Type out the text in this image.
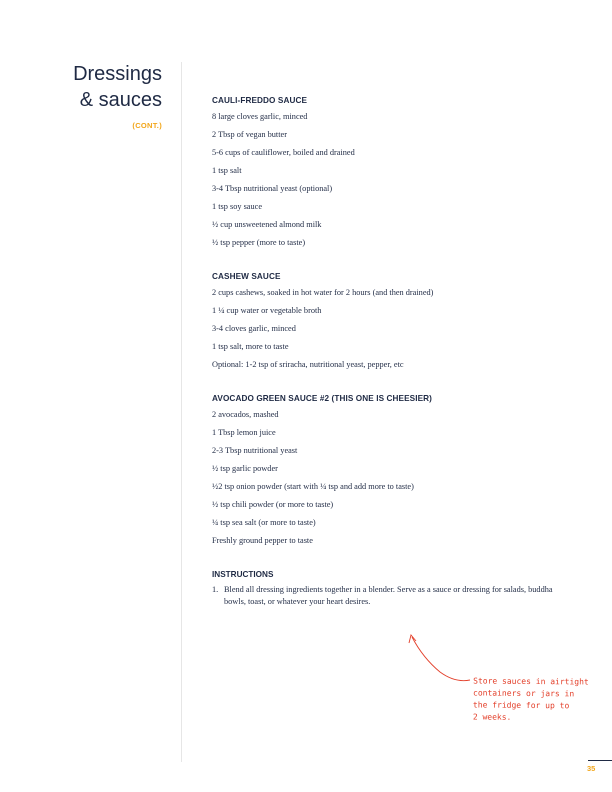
Dressings
& sauces
(CONT.)
CAULI-FREDDO SAUCE
8 large cloves garlic, minced
2 Tbsp of vegan butter
5-6 cups of cauliflower, boiled and drained
1 tsp salt
3-4 Tbsp nutritional yeast (optional)
1 tsp soy sauce
½ cup unsweetened almond milk
½ tsp pepper (more to taste)
CASHEW SAUCE
2 cups cashews, soaked in hot water for 2 hours (and then drained)
1 ¼ cup water or vegetable broth
3-4 cloves garlic, minced
1 tsp salt, more to taste
Optional: 1-2 tsp of sriracha, nutritional yeast, pepper, etc
AVOCADO GREEN SAUCE #2 (THIS ONE IS CHEESIER)
2 avocados, mashed
1 Tbsp lemon juice
2-3 Tbsp nutritional yeast
½ tsp garlic powder
½2 tsp onion powder (start with ¼ tsp and add more to taste)
½ tsp chili powder (or more to taste)
¼ tsp sea salt (or more to taste)
Freshly ground pepper to taste
INSTRUCTIONS
1. Blend all dressing ingredients together in a blender. Serve as a sauce or dressing for salads, buddha bowls, toast, or whatever your heart desires.
Store sauces in airtight
containers or jars in
the fridge for up to
2 weeks.
35
